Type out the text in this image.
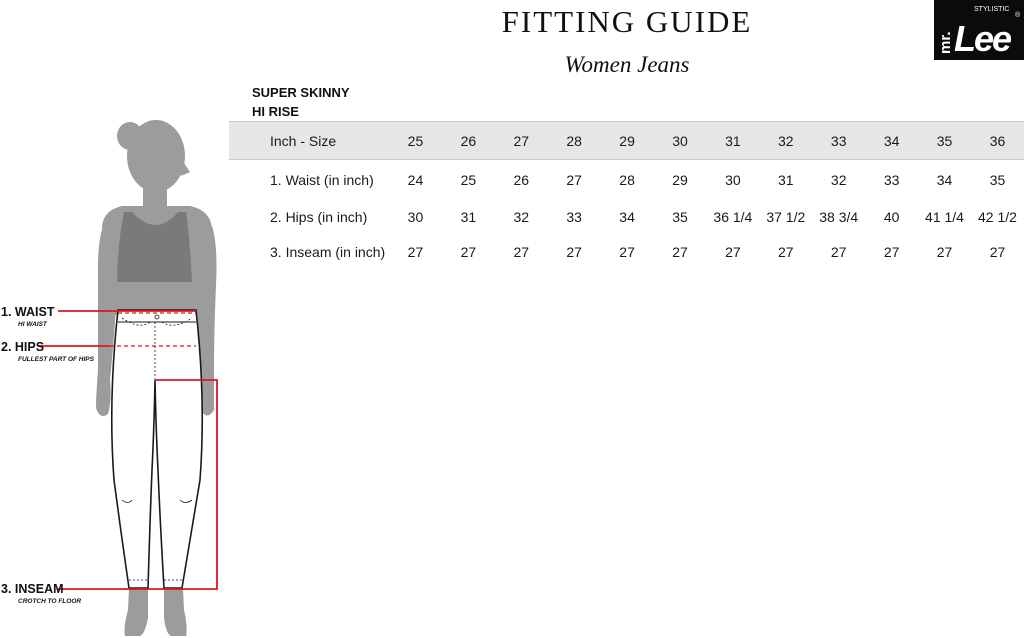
FITTING GUIDE
Women Jeans
STYLISTIC
®
mr. Lee
SUPER SKINNY
HI RISE
Inch - Size	25	26	27	28	29	30	31	32	33	34	35	36
1. Waist (in inch)	24	25	26	27	28	29	30	31	32	33	34	35
2. Hips (in inch)	30	31	32	33	34	35	36 1/4	37 1/2	38 3/4	40	41 1/4	42 1/2
3. Inseam (in inch)	27	27	27	27	27	27	27	27	27	27	27	27
1. WAIST
HI WAIST
2. HIPS
FULLEST PART OF HIPS
3. INSEAM
CROTCH TO FLOOR
